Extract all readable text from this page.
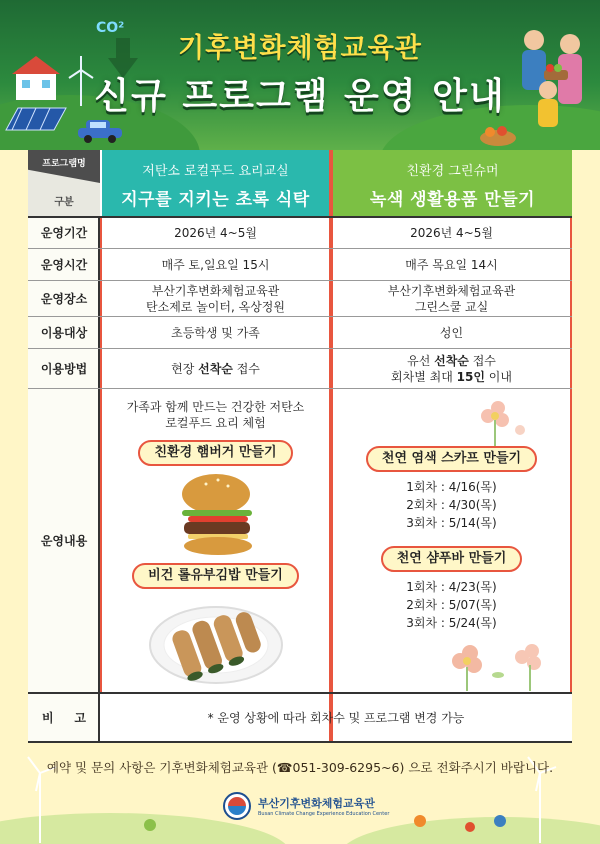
CO²
기후변화체험교육관
신규 프로그램 운영 안내
프로그램명
구분
저탄소 로컬푸드 요리교실
지구를 지키는 초록 식탁
친환경 그린슈머
녹색 생활용품 만들기
운영기간
운영시간
운영장소
이용대상
이용방법
운영내용
비     고
2026년 4~5월
매주 토,일요일 15시
부산기후변화체험교육관
탄소제로 놀이터, 옥상정원
초등학생 및 가족
현장 선착순 접수
가족과 함께 만드는 건강한 저탄소
로컬푸드 요리 체험
친환경 햄버거 만들기
비건 롤유부김밥 만들기
2026년 4~5월
매주 목요일 14시
부산기후변화체험교육관
그린스쿨 교실
성인
유선 선착순 접수
회차별 최대 15인 이내
천연 염색 스카프 만들기
1회차 : 4/16(목)
2회차 : 4/30(목)
3회차 : 5/14(목)
천연 샴푸바 만들기
1회차 : 4/23(목)
2회차 : 5/07(목)
3회차 : 5/24(목)
* 운영 상황에 따라 회차수 및 프로그램 변경 가능
예약 및 문의 사항은 기후변화체험교육관 (☎051-309-6295~6) 으로 전화주시기 바랍니다.
부산기후변화체험교육관
Busan Climate Change Experience Education Center
